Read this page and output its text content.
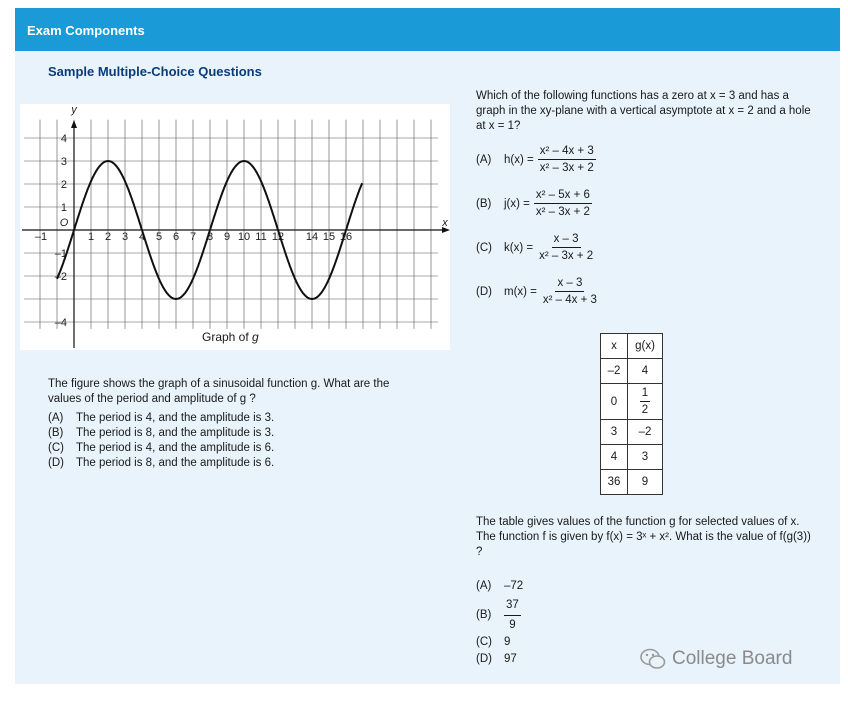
Exam Components
Sample Multiple-Choice Questions
y
x
O
–1	1 2 3 4 5 6 7 8 9 10 11 12 14 15 16
4
3
2
1
–1
–2
–4
Graph of g
The figure shows the graph of a sinusoidal function g. What are the values of the period and amplitude of g ?
(A)	The period is 4, and the amplitude is 3.
(B)	The period is 8, and the amplitude is 3.
(C)	The period is 4, and the amplitude is 6.
(D)	The period is 8, and the amplitude is 6.
Which of the following functions has a zero at x = 3 and has a graph in the xy-plane with a vertical asymptote at x = 2 and a hole at x = 1?
(A)	$h(x) = \frac{\text{x² – 4x + 3}}{\text{x² – 3x + 2}}$
(B)	$j(x) = \frac{\text{x² – 5x + 6}}{\text{x² – 3x + 2}}$
(C)	$k(x) = \frac{x - 3}{\text{x² – 3x + 2}}$
(D)	$m(x) = \frac{x - 3}{\text{x² – 4x + 3}}$
x	g(x)
–2	4
0	$\frac{1}{2}$

3	–2
4	3
36	9
The table gives values of the function g for selected values of x. The function f is given by f(x) = 3ˣ + x². What is the value of f(g(3)) ?
(A)	–72
(B)	$\frac{37}{9}$
(C)	9
(D)	97	College Board
